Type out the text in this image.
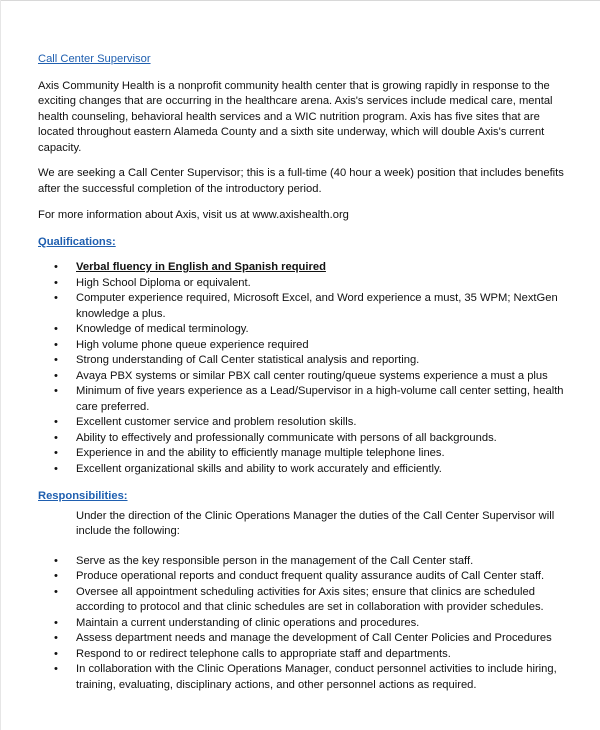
Call Center Supervisor

Axis Community Health is a nonprofit community health center that is growing rapidly in response to the exciting changes that are occurring in the healthcare arena. Axis's services include medical care, mental health counseling, behavioral health services and a WIC nutrition program. Axis has five sites that are located throughout eastern Alameda County and a sixth site underway, which will double Axis's current capacity.

We are seeking a Call Center Supervisor; this is a full-time (40 hour a week) position that includes benefits after the successful completion of the introductory period.

For more information about Axis, visit us at www.axishealth.org

Qualifications:
•
Verbal fluency in English and Spanish required
•
High School Diploma or equivalent.
•
Computer experience required, Microsoft Excel, and Word experience a must, 35 WPM; NextGen knowledge a plus.
•
Knowledge of medical terminology.
•
High volume phone queue experience required
•
Strong understanding of Call Center statistical analysis and reporting.
•
Avaya PBX systems or similar PBX call center routing/queue systems experience a must a plus
•
Minimum of five years experience as a Lead/Supervisor in a high-volume call center setting, health care preferred.
•
Excellent customer service and problem resolution skills.
•
Ability to effectively and professionally communicate with persons of all backgrounds.
•
Experience in and the ability to efficiently manage multiple telephone lines.
•
Excellent organizational skills and ability to work accurately and efficiently.
Responsibilities:

Under the direction of the Clinic Operations Manager the duties of the Call Center Supervisor will include the following:

•
Serve as the key responsible person in the management of the Call Center staff.
•
Produce operational reports and conduct frequent quality assurance audits of Call Center staff.
•
Oversee all appointment scheduling activities for Axis sites; ensure that clinics are scheduled according to protocol and that clinic schedules are set in collaboration with provider schedules.
•
Maintain a current understanding of clinic operations and procedures.
•
Assess department needs and manage the development of Call Center Policies and Procedures
•
Respond to or redirect telephone calls to appropriate staff and departments.
•
In collaboration with the Clinic Operations Manager, conduct personnel activities to include hiring, training, evaluating, disciplinary actions, and other personnel actions as required.
